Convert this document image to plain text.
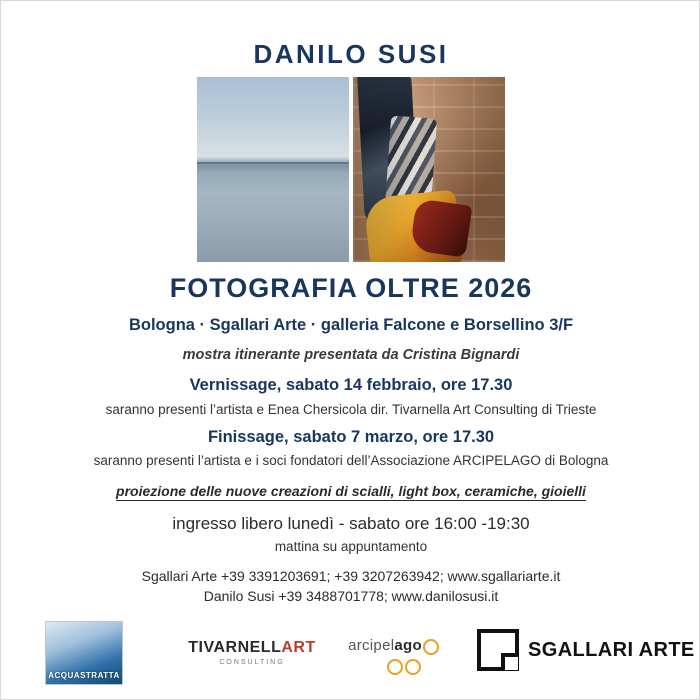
DANILO SUSI
FOTOGRAFIA OLTRE 2026
Bologna · Sgallari Arte · galleria Falcone e Borsellino 3/F
mostra itinerante presentata da Cristina Bignardi
Vernissage, sabato 14 febbraio, ore 17.30
saranno presenti l’artista e Enea Chersicola dir. Tivarnella Art Consulting di Trieste
Finissage, sabato 7 marzo, ore 17.30
saranno presenti l’artista e i soci fondatori dell’Associazione ARCIPELAGO di Bologna
proiezione delle nuove creazioni di scialli, light box, ceramiche, gioielli
ingresso libero lunedì - sabato ore 16:00 -19:30
mattina su appuntamento
Sgallari Arte +39 3391203691; +39 3207263942; www.sgallariarte.it
Danilo Susi +39 3488701778; www.danilosusi.it
ACQUASTRATTA
TIVARNELLART
CONSULTING
arcipelago	SGALLARI ARTE
